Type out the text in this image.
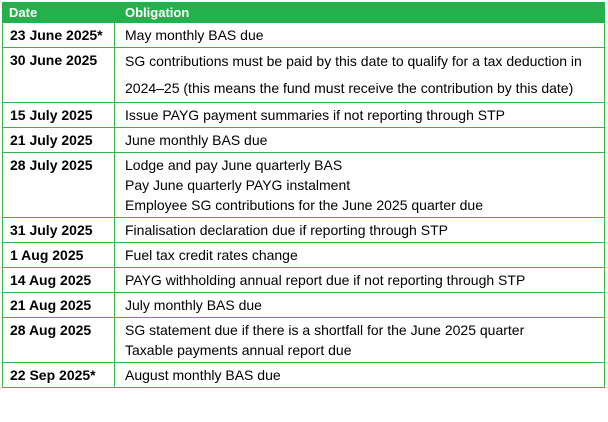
Date	Obligation
23 June 2025*	May monthly BAS due

30 June 2025	SG contributions must be paid by this date to qualify for a tax deduction in 2024–25 (this means the fund must receive the contribution by this date)

15 July 2025	Issue PAYG payment summaries if not reporting through STP

21 July 2025	June monthly BAS due

28 July 2025	Lodge and pay June quarterly BAS
Pay June quarterly PAYG instalment
Employee SG contributions for the June 2025 quarter due

31 July 2025	Finalisation declaration due if reporting through STP

1 Aug 2025	Fuel tax credit rates change

14 Aug 2025	PAYG withholding annual report due if not reporting through STP

21 Aug 2025	July monthly BAS due

28 Aug 2025	SG statement due if there is a shortfall for the June 2025 quarter
Taxable payments annual report due

22 Sep 2025*	August monthly BAS due
